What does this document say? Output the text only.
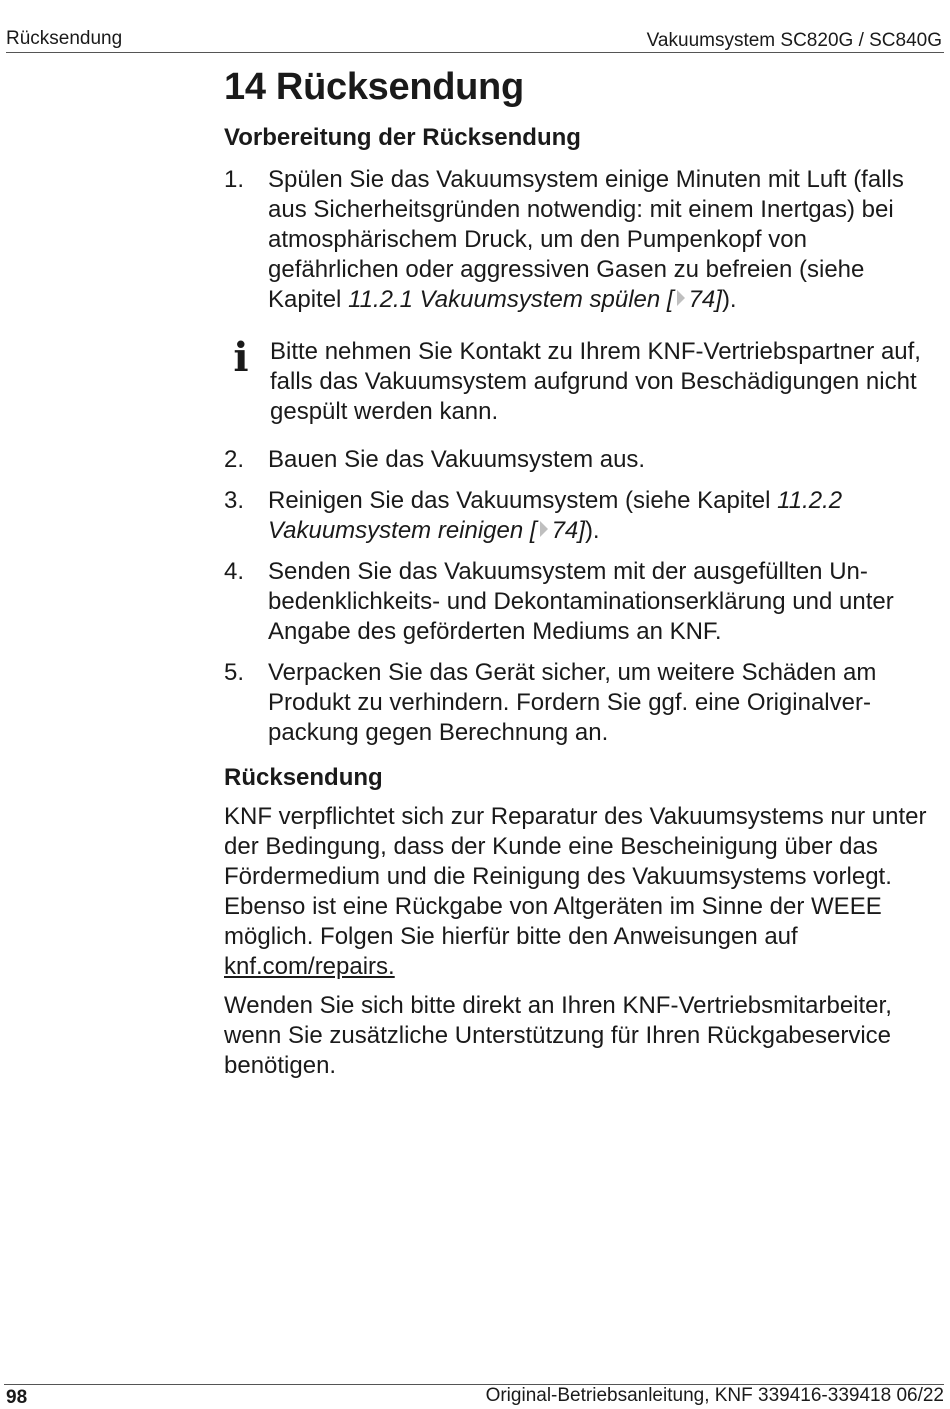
Rücksendung	Vakuumsystem SC820G / SC840G
14 Rücksendung
Vorbereitung der Rücksendung
1. Spülen Sie das Vakuumsystem einige Minuten mit Luft (falls aus Sicherheitsgründen notwendig: mit einem Inertgas) bei atmosphärischem Druck, um den Pumpenkopf von gefährlichen oder aggressiven Gasen zu befreien (siehe Kapitel 11.2.1 Vakuumsystem spülen [ 74]).
i Bitte nehmen Sie Kontakt zu Ihrem KNF-Vertriebspartner auf, falls das Vakuumsystem aufgrund von Beschädigungen nicht gespült werden kann.
2. Bauen Sie das Vakuumsystem aus.
3. Reinigen Sie das Vakuumsystem (siehe Kapitel 11.2.2 Vakuumsystem reinigen [ 74]).
4. Senden Sie das Vakuumsystem mit der ausgefüllten Unbedenklichkeits- und Dekontaminationserklärung und unter Angabe des geförderten Mediums an KNF.
5. Verpacken Sie das Gerät sicher, um weitere Schäden am Produkt zu verhindern. Fordern Sie ggf. eine Originalverpackung gegen Berechnung an.
Rücksendung

KNF verpflichtet sich zur Reparatur des Vakuumsystems nur unter der Bedingung, dass der Kunde eine Bescheinigung über das Fördermedium und die Reinigung des Vakuumsystems vorlegt. Ebenso ist eine Rückgabe von Altgeräten im Sinne der WEEE möglich. Folgen Sie hierfür bitte den Anweisungen auf knf.com/repairs.

Wenden Sie sich bitte direkt an Ihren KNF-Vertriebsmitarbeiter, wenn Sie zusätzliche Unterstützung für Ihren Rückgabeservice benötigen.

98	Original-Betriebsanleitung, KNF 339416-339418 06/22
